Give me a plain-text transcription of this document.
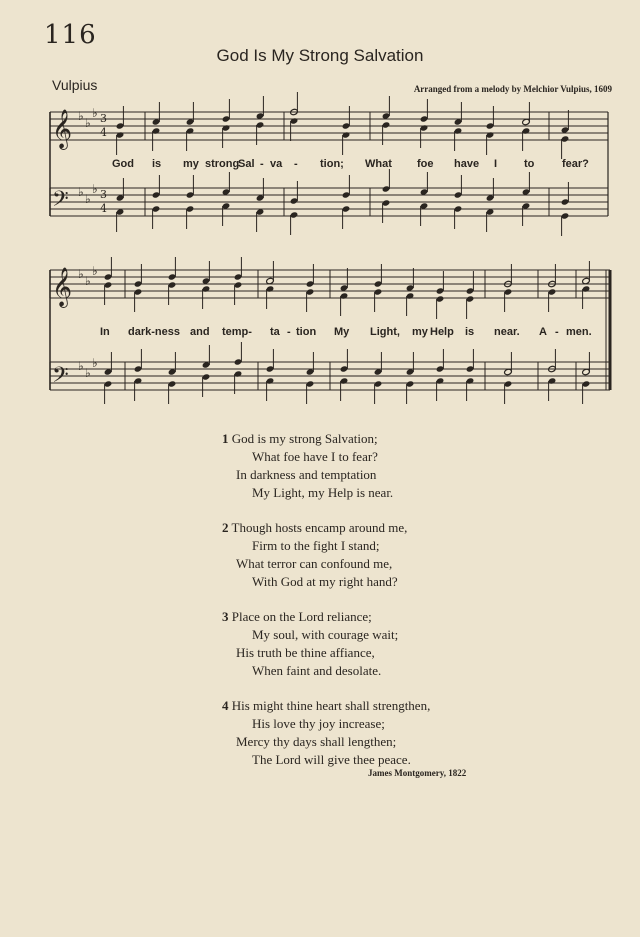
116
God Is My Strong Salvation
Vulpius	Arranged from a melody by Melchior Vulpius, 1609
𝄞
𝄢
𝄞
𝄢
♭ ♭
♭
♭ ♭
♭
♭ ♭
♭
♭ ♭
♭
3
4
3
4
God is my strong
Sal - va - tion; What foe have I to	fear?
In dark-ness and temp- ta - tion My Light, my Help is near. A - men.
1 God is my strong Salvation;
What foe have I to fear?
In darkness and temptation
My Light, my Help is near.
2 Though hosts encamp around me,
Firm to the fight I stand;
What terror can confound me,
With God at my right hand?
3 Place on the Lord reliance;
My soul, with courage wait;
His truth be thine affiance,
When faint and desolate.
4 His might thine heart shall strengthen,
His love thy joy increase;
Mercy thy days shall lengthen;
The Lord will give thee peace.
James Montgomery, 1822
